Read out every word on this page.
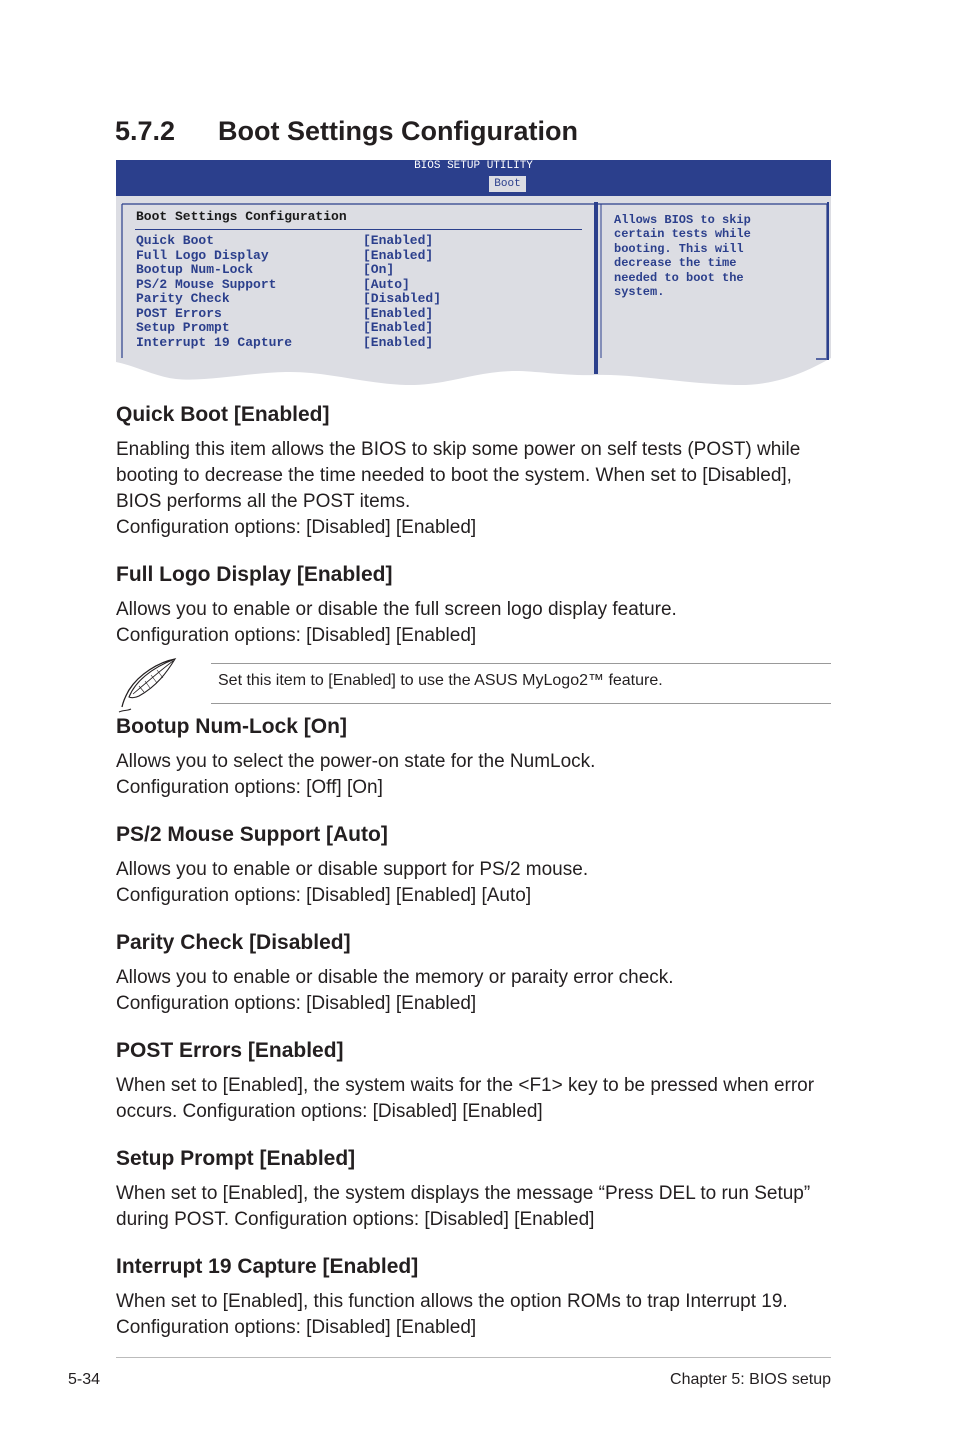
5.7.2 Boot Settings Configuration
BIOS SETUP UTILITY
Boot
Boot Settings Configuration
Quick Boot	[Enabled]
Full Logo Display	[Enabled]
Bootup Num-Lock	[On]
PS/2 Mouse Support	[Auto]
Parity Check	[Disabled]
POST Errors	[Enabled]
Setup Prompt	[Enabled]
Interrupt 19 Capture	[Enabled]
Allows BIOS to skip
certain tests while
booting. This will
decrease the time
needed to boot the
system.
Quick Boot [Enabled]
Enabling this item allows the BIOS to skip some power on self tests (POST) while
booting to decrease the time needed to boot the system. When set to [Disabled],
BIOS performs all the POST items.
Configuration options: [Disabled] [Enabled]
Full Logo Display [Enabled]
Allows you to enable or disable the full screen logo display feature.
Configuration options: [Disabled] [Enabled]
Set this item to [Enabled] to use the ASUS MyLogo2™ feature.
Bootup Num-Lock [On]
Allows you to select the power-on state for the NumLock.
Configuration options: [Off] [On]
PS/2 Mouse Support [Auto]
Allows you to enable or disable support for PS/2 mouse.
Configuration options: [Disabled] [Enabled] [Auto]
Parity Check [Disabled]
Allows you to enable or disable the memory or paraity error check.
Configuration options: [Disabled] [Enabled]
POST Errors [Enabled]
When set to [Enabled], the system waits for the <F1> key to be pressed when error
occurs. Configuration options: [Disabled] [Enabled]
Setup Prompt [Enabled]
When set to [Enabled], the system displays the message “Press DEL to run Setup”
during POST. Configuration options: [Disabled] [Enabled]
Interrupt 19 Capture [Enabled]
When set to [Enabled], this function allows the option ROMs to trap Interrupt 19.
Configuration options: [Disabled] [Enabled]
5-34	Chapter 5: BIOS setup
